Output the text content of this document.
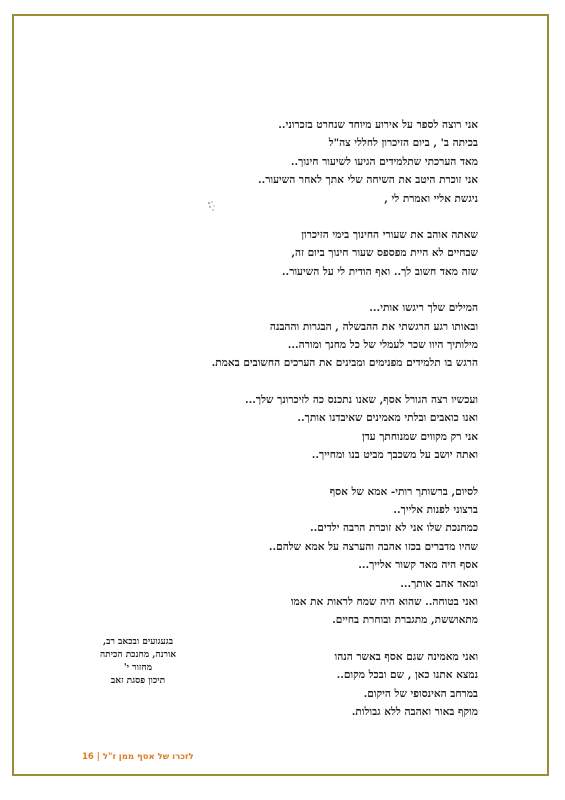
אני רוצה לספר על אירוע מיוחד שנחרט בזכרוני..
בכיתה ב' , ביום הזיכרון לחללי צה"ל
מאד הערכתי שתלמידים הגיעו לשיעור חינוך..
אני זוכרת היטב את השיחה שלי אתך לאחר השיעור..
ניגשת אליי ואמרת לי ,
שאתה אוהב את שעורי החינוך בימי הזיכרון
שבחיים לא היית מפספס שעור חינוך ביום זה,
שזה מאד חשוב לך.. ואף הודית לי על השיעור..
המילים שלך ריגשו אותי...
ובאותו רגע הרגשתי את ההבשלה , הבגרות וההבנה
מילותיך היוו שכר לעמלי של כל מחנך ומורה...
הרגש בו תלמידים מפנימים ומבינים את הערכים החשובים באמת.
ועכשיו רצה הגורל אסף, שאנו נתכנס כה לזיכרונך שלך...
ואנו כואבים ובלתי מאמינים שאיבדנו אותך..
אני רק מקווים שמנוחתך עדן
ואתה יושב על משכבך מביט בנו ומחייך..
לסיום, ברשותך רותי- אמא של אסף
ברצוני לפנות אלייך..
כמחנכת שלו אני לא זוכרת הרבה ילדים..
שהיו מדברים בכזו אהבה והערצה על אמא שלהם..
אסף היה מאד קשור אלייך...
ומאד אהב אותך...
ואני בטוחה.. שהוא היה שמח לראות את אמו
מתאוששת, מתגברת ובוחרת בחיים.
ואני מאמינה שגם אסף באשר הנהו
נמצא אתנו כאן , שם ובכל מקום..
במרחב האינסופי של היקום.
מוקף באור ואהבה ללא גבולות.
בגעגועים ובכאב רב,
אורנה, מחנכת הכיתה
מחזור י'
תיכון פסגת זאב
לזכרו של אסף ממן ז"ל | 16
